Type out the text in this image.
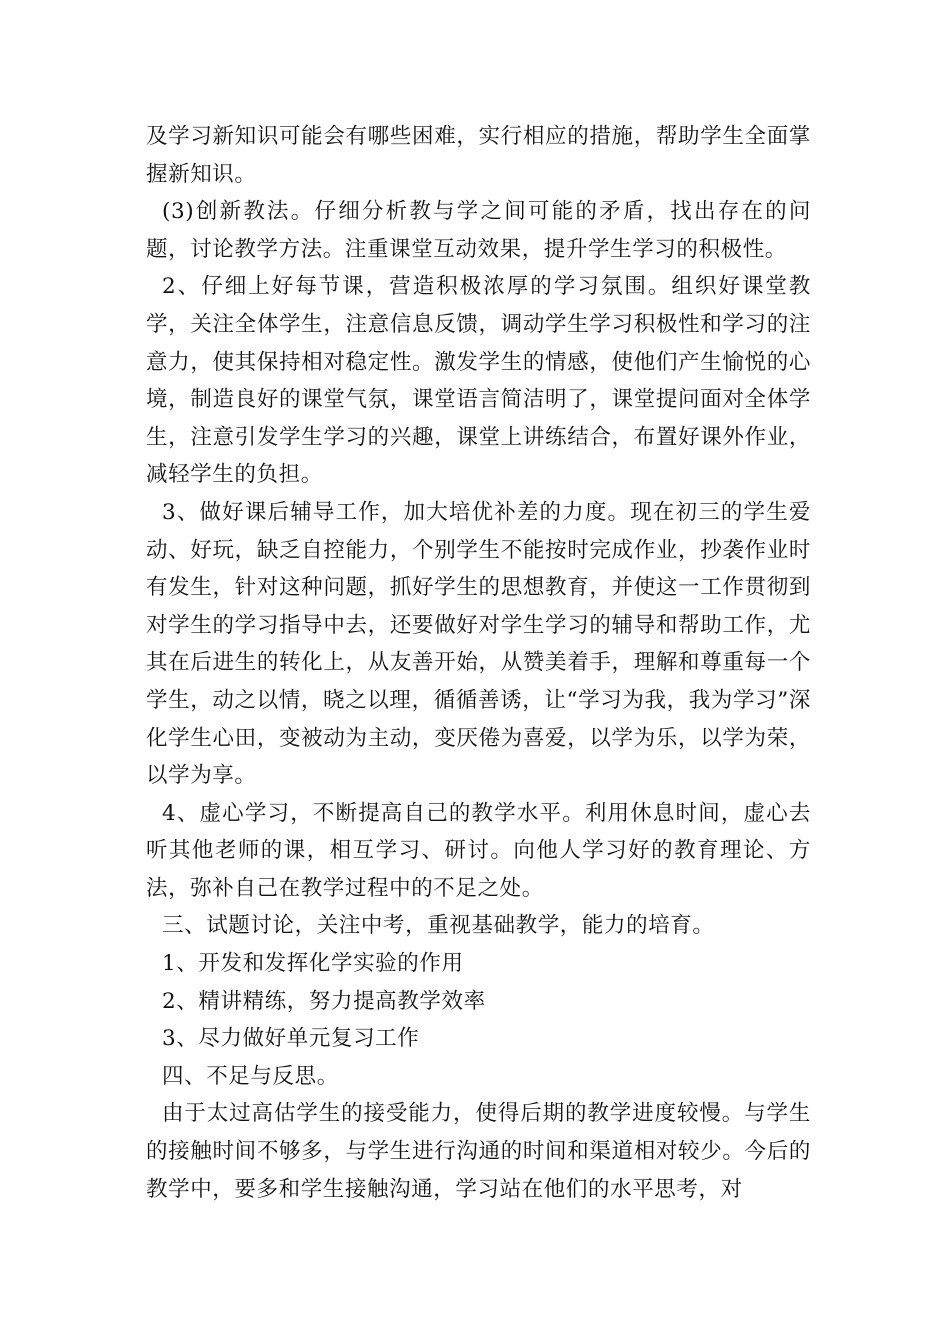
及学习新知识可能会有哪些困难，实行相应的措施，帮助学生全面掌握新知识。

(3)创新教法。仔细分析教与学之间可能的矛盾，找出存在的问题，讨论教学方法。注重课堂互动效果，提升学生学习的积极性。

2、仔细上好每节课，营造积极浓厚的学习氛围。组织好课堂教学，关注全体学生，注意信息反馈，调动学生学习积极性和学习的注意力，使其保持相对稳定性。激发学生的情感，使他们产生愉悦的心境，制造良好的课堂气氛，课堂语言简洁明了，课堂提问面对全体学生，注意引发学生学习的兴趣，课堂上讲练结合，布置好课外作业，减轻学生的负担。

3、做好课后辅导工作，加大培优补差的力度。现在初三的学生爱动、好玩，缺乏自控能力，个别学生不能按时完成作业，抄袭作业时有发生，针对这种问题，抓好学生的思想教育，并使这一工作贯彻到对学生的学习指导中去，还要做好对学生学习的辅导和帮助工作，尤其在后进生的转化上，从友善开始，从赞美着手，理解和尊重每一个学生，动之以情，晓之以理，循循善诱，让“学习为我，我为学习”深化学生心田，变被动为主动，变厌倦为喜爱，以学为乐，以学为荣，以学为享。

4、虚心学习，不断提高自己的教学水平。利用休息时间，虚心去听其他老师的课，相互学习、研讨。向他人学习好的教育理论、方法，弥补自己在教学过程中的不足之处。

三、试题讨论，关注中考，重视基础教学，能力的培育。

1、开发和发挥化学实验的作用

2、精讲精练，努力提高教学效率

3、尽力做好单元复习工作

四、不足与反思。

由于太过高估学生的接受能力，使得后期的教学进度较慢。与学生的接触时间不够多，与学生进行沟通的时间和渠道相对较少。今后的教学中，要多和学生接触沟通，学习站在他们的水平思考，对
